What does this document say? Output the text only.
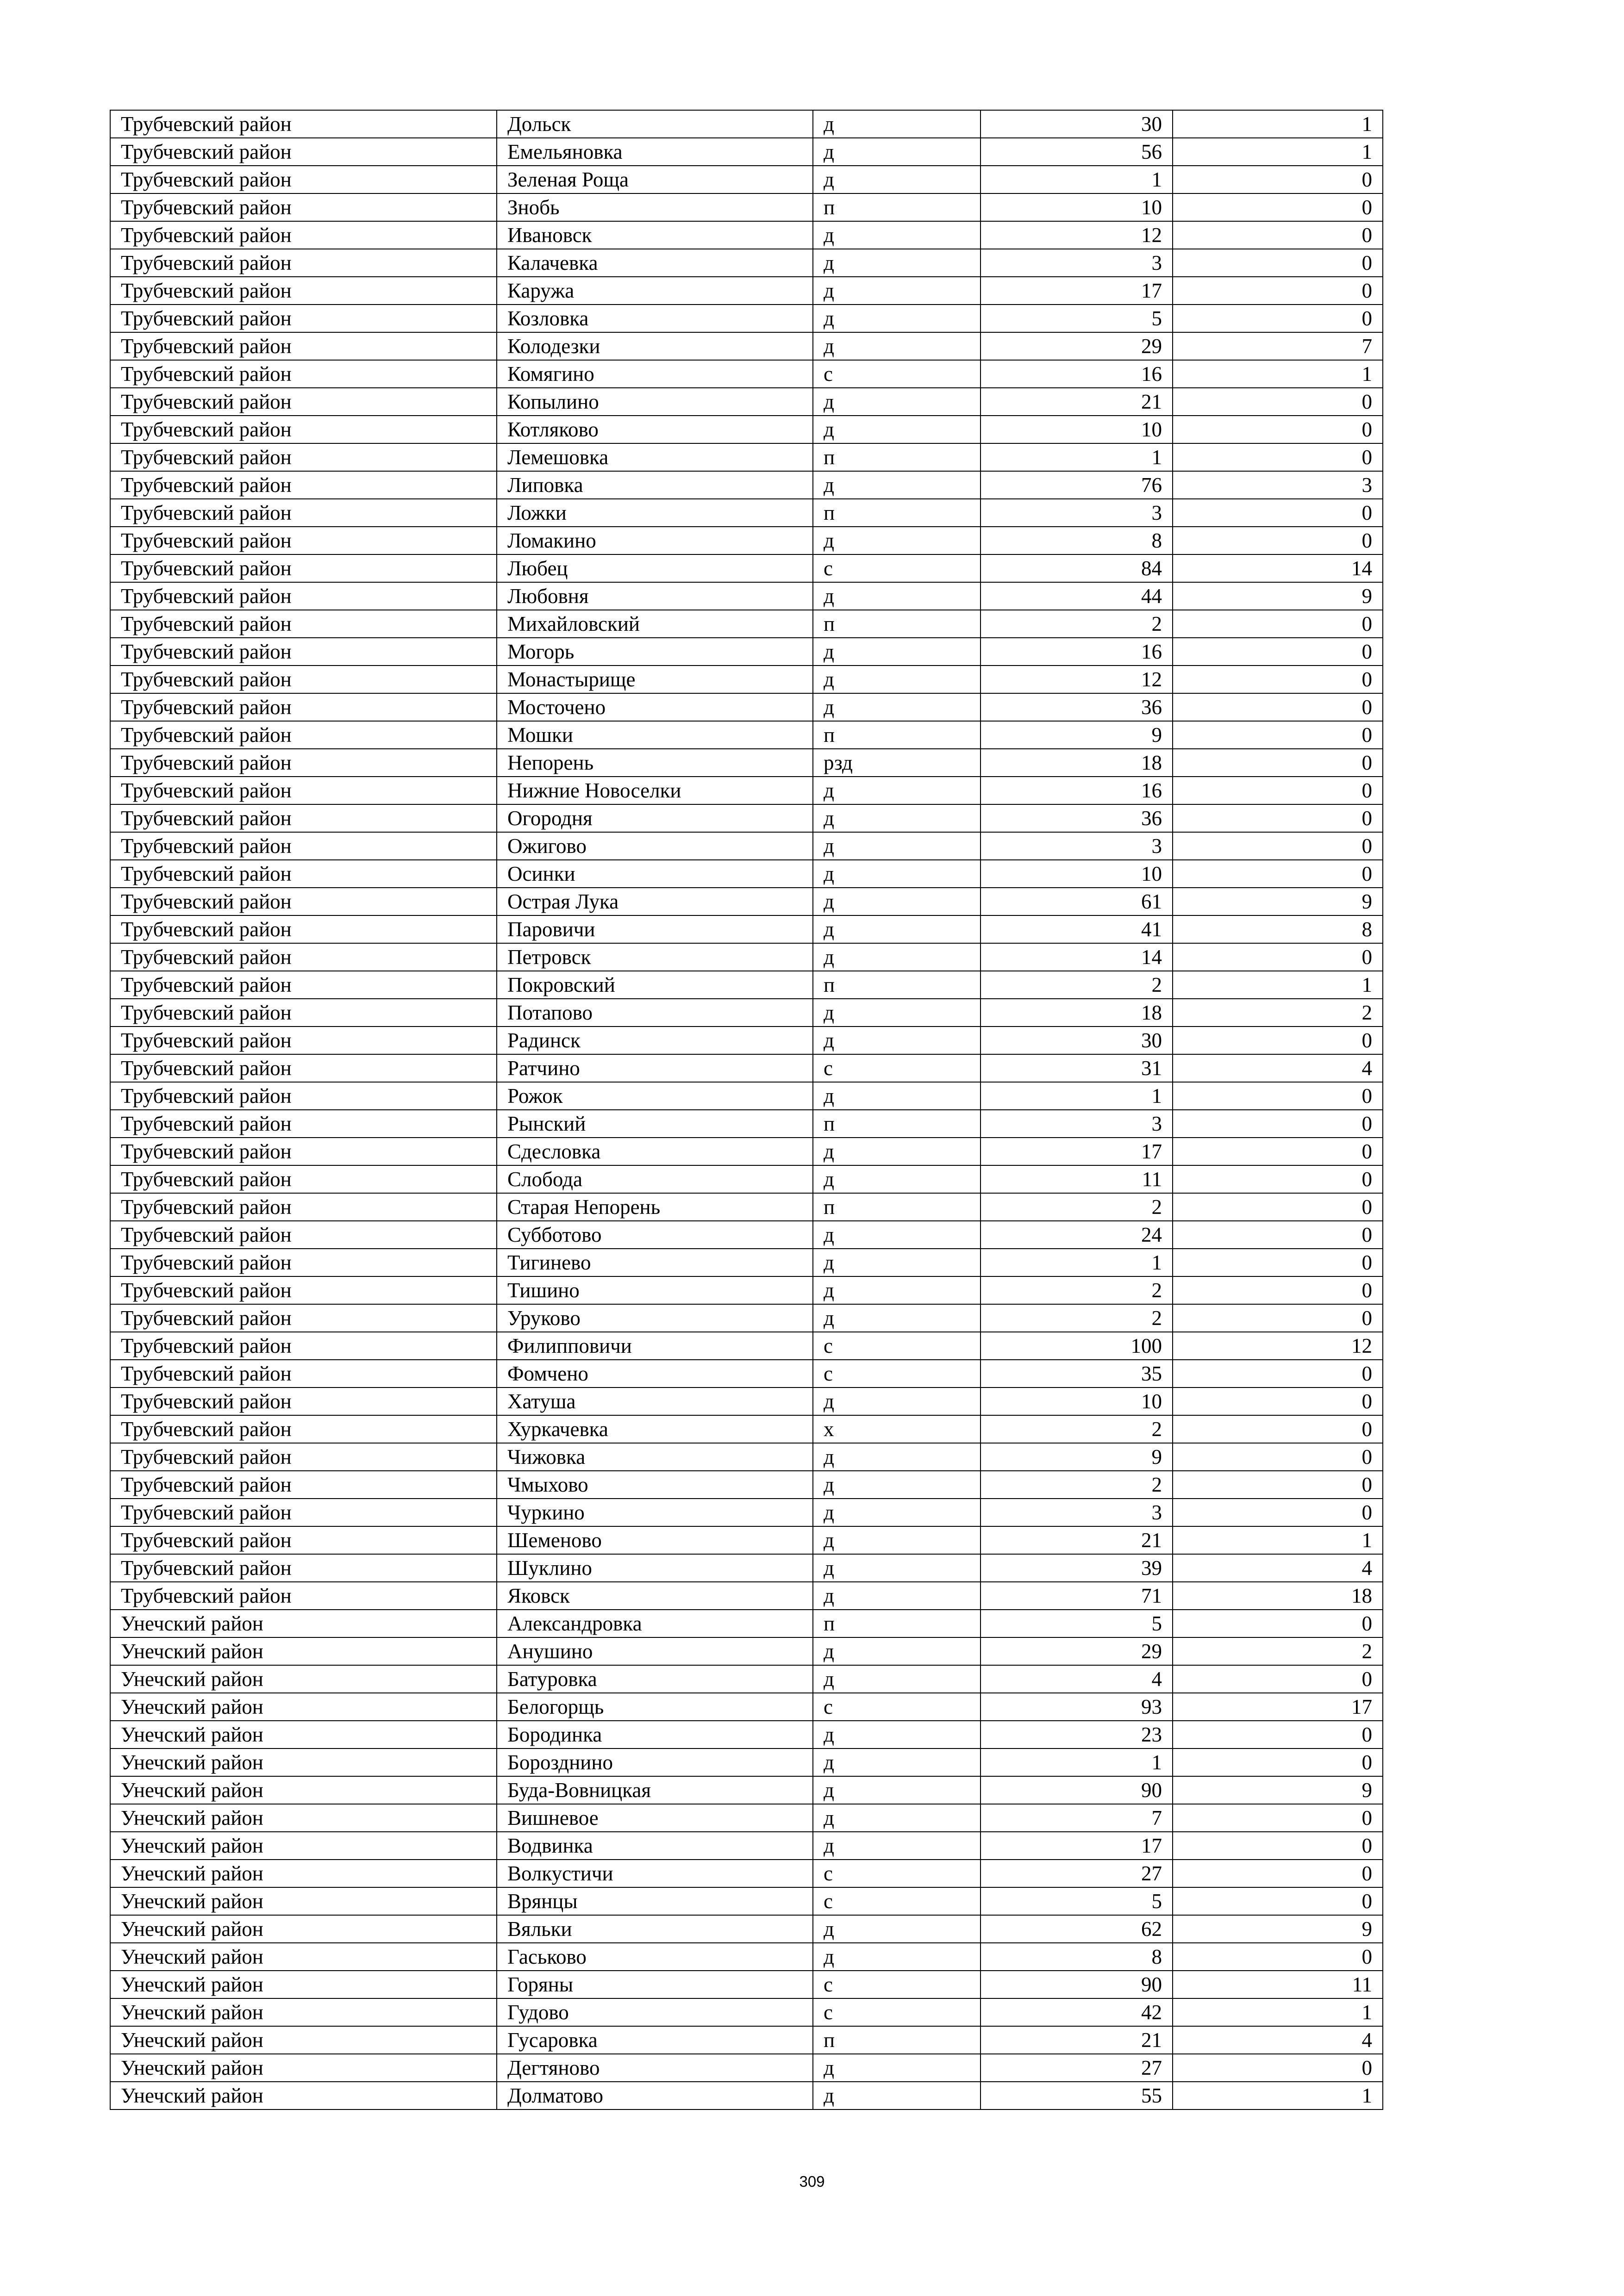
Трубчевский район	Дольск	д	30	1
Трубчевский район	Емельяновка	д	56	1
Трубчевский район	Зеленая Роща	д	1	0
Трубчевский район	Знобь	п	10	0
Трубчевский район	Ивановск	д	12	0
Трубчевский район	Калачевка	д	3	0
Трубчевский район	Каружа	д	17	0
Трубчевский район	Козловка	д	5	0
Трубчевский район	Колодезки	д	29	7
Трубчевский район	Комягино	с	16	1
Трубчевский район	Копылино	д	21	0
Трубчевский район	Котляково	д	10	0
Трубчевский район	Лемешовка	п	1	0
Трубчевский район	Липовка	д	76	3
Трубчевский район	Ложки	п	3	0
Трубчевский район	Ломакино	д	8	0
Трубчевский район	Любец	с	84	14
Трубчевский район	Любовня	д	44	9
Трубчевский район	Михайловский	п	2	0
Трубчевский район	Могорь	д	16	0
Трубчевский район	Монастырище	д	12	0
Трубчевский район	Мосточено	д	36	0
Трубчевский район	Мошки	п	9	0
Трубчевский район	Непорень	рзд	18	0
Трубчевский район	Нижние Новоселки	д	16	0
Трубчевский район	Огородня	д	36	0
Трубчевский район	Ожигово	д	3	0
Трубчевский район	Осинки	д	10	0
Трубчевский район	Острая Лука	д	61	9
Трубчевский район	Паровичи	д	41	8
Трубчевский район	Петровск	д	14	0
Трубчевский район	Покровский	п	2	1
Трубчевский район	Потапово	д	18	2
Трубчевский район	Радинск	д	30	0
Трубчевский район	Ратчино	с	31	4
Трубчевский район	Рожок	д	1	0
Трубчевский район	Рынский	п	3	0
Трубчевский район	Сдесловка	д	17	0
Трубчевский район	Слобода	д	11	0
Трубчевский район	Старая Непорень	п	2	0
Трубчевский район	Субботово	д	24	0
Трубчевский район	Тигинево	д	1	0
Трубчевский район	Тишино	д	2	0
Трубчевский район	Уруково	д	2	0
Трубчевский район	Филипповичи	с	100	12
Трубчевский район	Фомчено	с	35	0
Трубчевский район	Хатуша	д	10	0
Трубчевский район	Хуркачевка	х	2	0
Трубчевский район	Чижовка	д	9	0
Трубчевский район	Чмыхово	д	2	0
Трубчевский район	Чуркино	д	3	0
Трубчевский район	Шеменово	д	21	1
Трубчевский район	Шуклино	д	39	4
Трубчевский район	Яковск	д	71	18
Унечский район	Александровка	п	5	0
Унечский район	Анушино	д	29	2
Унечский район	Батуровка	д	4	0
Унечский район	Белогорщь	с	93	17
Унечский район	Бородинка	д	23	0
Унечский район	Борозднино	д	1	0
Унечский район	Буда-Вовницкая	д	90	9
Унечский район	Вишневое	д	7	0
Унечский район	Водвинка	д	17	0
Унечский район	Волкустичи	с	27	0
Унечский район	Врянцы	с	5	0
Унечский район	Вяльки	д	62	9
Унечский район	Гаськово	д	8	0
Унечский район	Горяны	с	90	11
Унечский район	Гудово	с	42	1
Унечский район	Гусаровка	п	21	4
Унечский район	Дегтяново	д	27	0
Унечский район	Долматово	д	55	1
309
